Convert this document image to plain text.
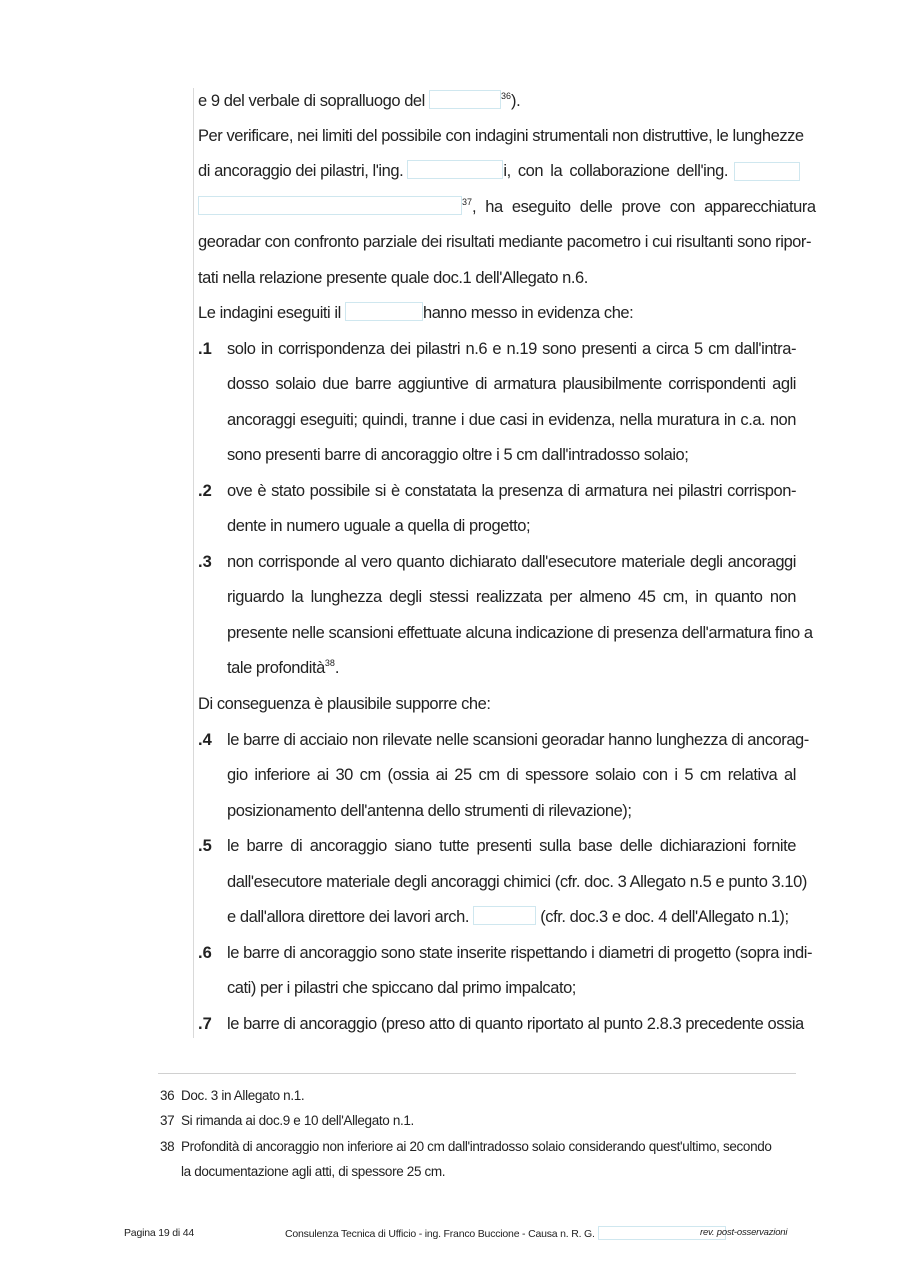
e 9 del verbale di sopralluogo del	$^{36}$).
Per verificare, nei limiti del possibile con indagini strumentali non distruttive, le lunghezze
di ancoraggio dei pilastri, l'ing.	i, con la collaborazione dell'ing.
$^{37}$, ha eseguito delle prove con apparecchiatura
georadar con confronto parziale dei risultati mediante pacometro i cui risultanti sono ripor-
tati nella relazione presente quale doc.1 dell'Allegato n.6.
Le indagini eseguiti il	hanno messo in evidenza che:
.1 solo in corrispondenza dei pilastri n.6 e n.19 sono presenti a circa 5 cm dall'intra-
dosso solaio due barre aggiuntive di armatura plausibilmente corrispondenti agli
ancoraggi eseguiti; quindi, tranne i due casi in evidenza, nella muratura in c.a. non
sono presenti barre di ancoraggio oltre i 5 cm dall'intradosso solaio;
.2 ove è stato possibile si è constatata la presenza di armatura nei pilastri corrispon-
dente in numero uguale a quella di progetto;
.3 non corrisponde al vero quanto dichiarato dall'esecutore materiale degli ancoraggi
riguardo la lunghezza degli stessi realizzata per almeno 45 cm, in quanto non
presente nelle scansioni effettuate alcuna indicazione di presenza dell'armatura fino a
tale profondità$^{38}$.
Di conseguenza è plausibile supporre che:
.4 le barre di acciaio non rilevate nelle scansioni georadar hanno lunghezza di ancorag-
gio inferiore ai 30 cm (ossia ai 25 cm di spessore solaio con i 5 cm relativa al
posizionamento dell'antenna dello strumenti di rilevazione);
.5 le barre di ancoraggio siano tutte presenti sulla base delle dichiarazioni fornite
dall'esecutore materiale degli ancoraggi chimici (cfr. doc. 3 Allegato n.5 e punto 3.10)
e dall'allora direttore dei lavori arch.	(cfr. doc.3 e doc. 4 dell'Allegato n.1);
.6 le barre di ancoraggio sono state inserite rispettando i diametri di progetto (sopra indi-
cati) per i pilastri che spiccano dal primo impalcato;
.7 le barre di ancoraggio (preso atto di quanto riportato al punto 2.8.3 precedente ossia
36 Doc. 3 in Allegato n.1.
37 Si rimanda ai doc.9 e 10 dell'Allegato n.1.
38 Profondità di ancoraggio non inferiore ai 20 cm dall'intradosso solaio considerando quest'ultimo, secondo
la documentazione agli atti, di spessore 25 cm.
Pagina 19 di 44	Consulenza Tecnica di Ufficio - ing. Franco Buccione - Causa n. R. G.	rev. post-osservazioni
